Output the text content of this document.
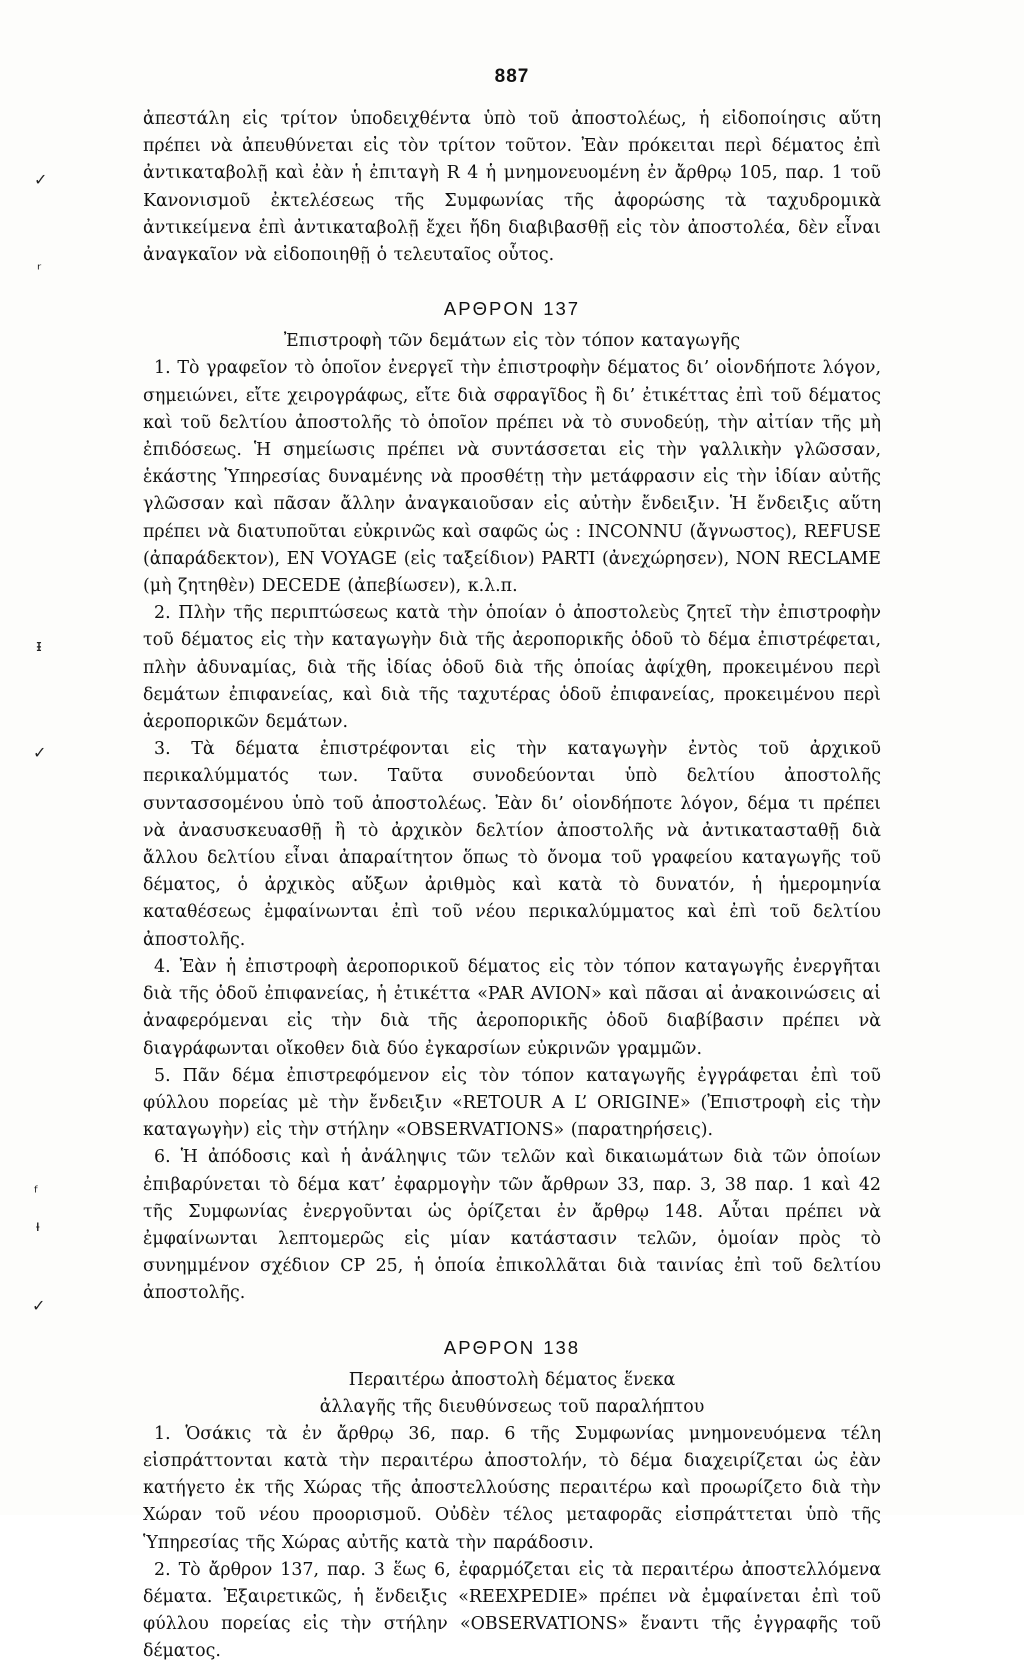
887
✓
ʳ
ᵻ
✓
ᶠ
ᵼ
✓

ἀπεστάλη εἰς τρίτον ὑποδειχθέντα ὑπὸ τοῦ ἀποστολέως, ἡ εἰδοποίησις αὕτη πρέπει νὰ ἀπευθύνεται εἰς τὸν τρίτον τοῦτον. Ἐὰν πρόκειται περὶ δέματος ἐπὶ ἀντικαταβολῇ καὶ ἐὰν ἡ ἐπιταγὴ R 4 ἡ μνημονευομένη ἐν ἄρθρῳ 105, παρ. 1 τοῦ Κανονισμοῦ ἐκτελέσεως τῆς Συμφωνίας τῆς ἀφορώσης τὰ ταχυδρομικὰ ἀντικείμενα ἐπὶ ἀντικαταβολῇ ἔχει ἤδη διαβιβασθῇ εἰς τὸν ἀποστολέα, δὲν εἶναι ἀναγκαῖον νὰ εἰδοποιηθῇ ὁ τελευταῖος οὗτος.

ΑΡΘΡΟΝ 137

Ἐπιστροφὴ τῶν δεμάτων εἰς τὸν τόπον καταγωγῆς

1. Τὸ γραφεῖον τὸ ὁποῖον ἐνεργεῖ τὴν ἐπιστροφὴν δέματος δι’ οἱονδήποτε λόγον, σημειώνει, εἴτε χειρογράφως, εἴτε διὰ σφραγῖδος ἢ δι’ ἐτικέττας ἐπὶ τοῦ δέματος καὶ τοῦ δελτίου ἀποστολῆς τὸ ὁποῖον πρέπει νὰ τὸ συνοδεύῃ, τὴν αἰτίαν τῆς μὴ ἐπιδόσεως. Ἡ σημείωσις πρέπει νὰ συντάσσεται εἰς τὴν γαλλικὴν γλῶσσαν, ἑκάστης Ὑπηρεσίας δυναμένης νὰ προσθέτῃ τὴν μετάφρασιν εἰς τὴν ἰδίαν αὐτῆς γλῶσσαν καὶ πᾶσαν ἄλλην ἀναγκαιοῦσαν εἰς αὐτὴν ἔνδειξιν. Ἡ ἔνδειξις αὕτη πρέπει νὰ διατυποῦται εὐκρινῶς καὶ σαφῶς ὡς : INCONNU (ἄγνωστος), REFUSE (ἀπαράδεκτον), EN VOYAGE (εἰς ταξείδιον) PARTI (ἀνεχώρησεν), NON RECLAME (μὴ ζητηθὲν) DECEDE (ἀπεβίωσεν), κ.λ.π.

2. Πλὴν τῆς περιπτώσεως κατὰ τὴν ὁποίαν ὁ ἀποστολεὺς ζητεῖ τὴν ἐπιστροφὴν τοῦ δέματος εἰς τὴν καταγωγὴν διὰ τῆς ἀεροπορικῆς ὁδοῦ τὸ δέμα ἐπιστρέφεται, πλὴν ἀδυναμίας, διὰ τῆς ἰδίας ὁδοῦ διὰ τῆς ὁποίας ἀφίχθη, προκειμένου περὶ δεμάτων ἐπιφανείας, καὶ διὰ τῆς ταχυτέρας ὁδοῦ ἐπιφανείας, προκειμένου περὶ ἀεροπορικῶν δεμάτων.

3. Τὰ δέματα ἐπιστρέφονται εἰς τὴν καταγωγὴν ἐντὸς τοῦ ἀρχικοῦ περικαλύμματός των. Ταῦτα συνοδεύονται ὑπὸ δελτίου ἀποστολῆς συντασσομένου ὑπὸ τοῦ ἀποστολέως. Ἐὰν δι’ οἱονδήποτε λόγον, δέμα τι πρέπει νὰ ἀνασυσκευασθῇ ἢ τὸ ἀρχικὸν δελτίον ἀποστολῆς νὰ ἀντικατασταθῇ διὰ ἄλλου δελτίου εἶναι ἀπαραίτητον ὅπως τὸ ὄνομα τοῦ γραφείου καταγωγῆς τοῦ δέματος, ὁ ἀρχικὸς αὔξων ἀριθμὸς καὶ κατὰ τὸ δυνατόν, ἡ ἡμερομηνία καταθέσεως ἐμφαίνωνται ἐπὶ τοῦ νέου περικαλύμματος καὶ ἐπὶ τοῦ δελτίου ἀποστολῆς.

4. Ἐὰν ἡ ἐπιστροφὴ ἀεροπορικοῦ δέματος εἰς τὸν τόπον καταγωγῆς ἐνεργῆται διὰ τῆς ὁδοῦ ἐπιφανείας, ἡ ἐτικέττα «PAR AVION» καὶ πᾶσαι αἱ ἀνακοινώσεις αἱ ἀναφερόμεναι εἰς τὴν διὰ τῆς ἀεροπορικῆς ὁδοῦ διαβίβασιν πρέπει νὰ διαγράφωνται οἴκοθεν διὰ δύο ἐγκαρσίων εὐκρινῶν γραμμῶν.

5. Πᾶν δέμα ἐπιστρεφόμενον εἰς τὸν τόπον καταγωγῆς ἐγγράφεται ἐπὶ τοῦ φύλλου πορείας μὲ τὴν ἔνδειξιν «RETOUR A L’ ORIGINE» (Ἐπιστροφὴ εἰς τὴν καταγωγὴν) εἰς τὴν στήλην «OBSERVATIONS» (παρατηρήσεις).

6. Ἡ ἀπόδοσις καὶ ἡ ἀνάληψις τῶν τελῶν καὶ δικαιωμάτων διὰ τῶν ὁποίων ἐπιβαρύνεται τὸ δέμα κατ’ ἐφαρμογὴν τῶν ἄρθρων 33, παρ. 3, 38 παρ. 1 καὶ 42 τῆς Συμφωνίας ἐνεργοῦνται ὡς ὁρίζεται ἐν ἄρθρῳ 148. Αὗται πρέπει νὰ ἐμφαίνωνται λεπτομερῶς εἰς μίαν κατάστασιν τελῶν, ὁμοίαν πρὸς τὸ συνημμένον σχέδιον CP 25, ἡ ὁποία ἐπικολλᾶται διὰ ταινίας ἐπὶ τοῦ δελτίου ἀποστολῆς.

ΑΡΘΡΟΝ 138

Περαιτέρω ἀποστολὴ δέματος ἕνεκα
ἀλλαγῆς τῆς διευθύνσεως τοῦ παραλήπτου

1. Ὁσάκις τὰ ἐν ἄρθρῳ 36, παρ. 6 τῆς Συμφωνίας μνημονευόμενα τέλη εἰσπράττονται κατὰ τὴν περαιτέρω ἀποστολήν, τὸ δέμα διαχειρίζεται ὡς ἐὰν κατήγετο ἐκ τῆς Χώρας τῆς ἀποστελλούσης περαιτέρω καὶ προωρίζετο διὰ τὴν Χώραν τοῦ νέου προορισμοῦ. Οὐδὲν τέλος μεταφορᾶς εἰσπράττεται ὑπὸ τῆς Ὑπηρεσίας τῆς Χώρας αὐτῆς κατὰ τὴν παράδοσιν.

2. Τὸ ἄρθρον 137, παρ. 3 ἕως 6, ἐφαρμόζεται εἰς τὰ περαιτέρω ἀποστελλόμενα δέματα. Ἐξαιρετικῶς, ἡ ἔνδειξις «REEXPEDIE» πρέπει νὰ ἐμφαίνεται ἐπὶ τοῦ φύλλου πορείας εἰς τὴν στήλην «OBSERVATIONS» ἔναντι τῆς ἐγγραφῆς τοῦ δέματος.
